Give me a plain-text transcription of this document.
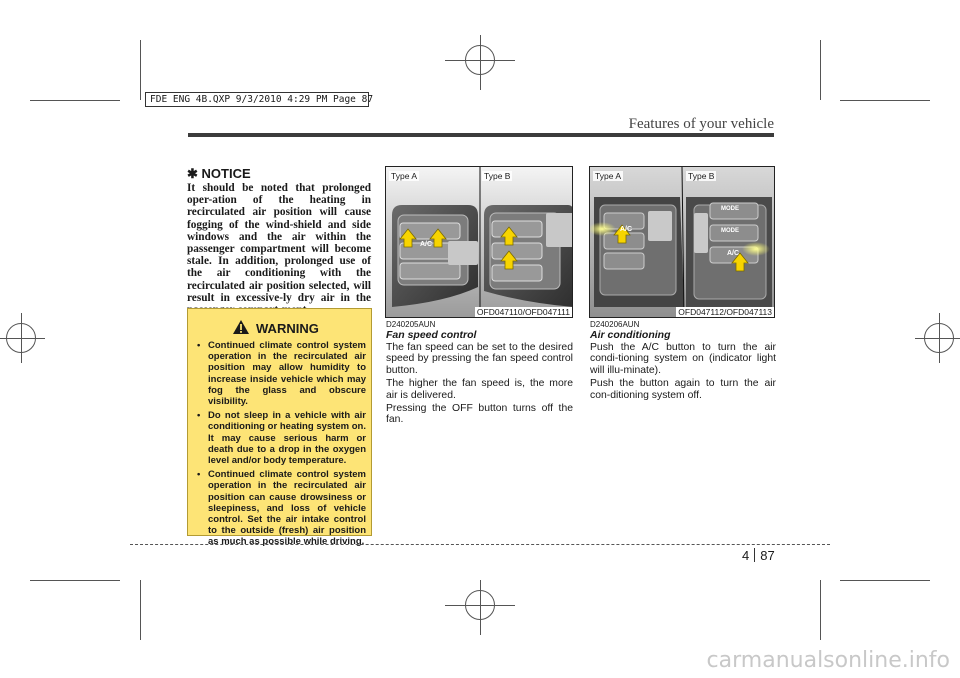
FDE ENG 4B.QXP 9/3/2010 4:29 PM Page 87
Features of your vehicle
✱ NOTICE
It should be noted that prolonged oper-ation of the heating in recirculated air position will cause fogging of the wind-shield and side windows and the air within the passenger compartment will become stale. In addition, prolonged use of the air conditioning with the recirculated air position selected, will result in excessive-ly dry air in the
WARNING
• Continued climate control system operation in the recirculated air position may allow humidity to increase inside vehicle which may fog the glass and obscure visibility.
• Do not sleep in a vehicle with air conditioning or heating system on. It may cause serious harm or death due to a drop in the oxygen level and/or body temperature.
• Continued climate control system operation in the recirculated air position can cause drowsiness or sleepiness, and loss of vehicle control. Set the air intake control to the outside (fresh) air position as much as possible while driving.
Type A	Type B
A/C
OFD047110/OFD047111
Type A	Type B
A/C
A/C
MODE
MODE
OFD047112/OFD047113
D240205AUN
Fan speed control

The fan speed can be set to the desired speed by pressing the fan speed control button.

The higher the fan speed is, the more air is delivered.

Pressing the OFF button turns off the fan.

D240206AUN
Air conditioning

Push the A/C button to turn the air condi-tioning system on (indicator light will illu-minate).

Push the button again to turn the air con-ditioning system off.

4 87
carmanualsonline.info
